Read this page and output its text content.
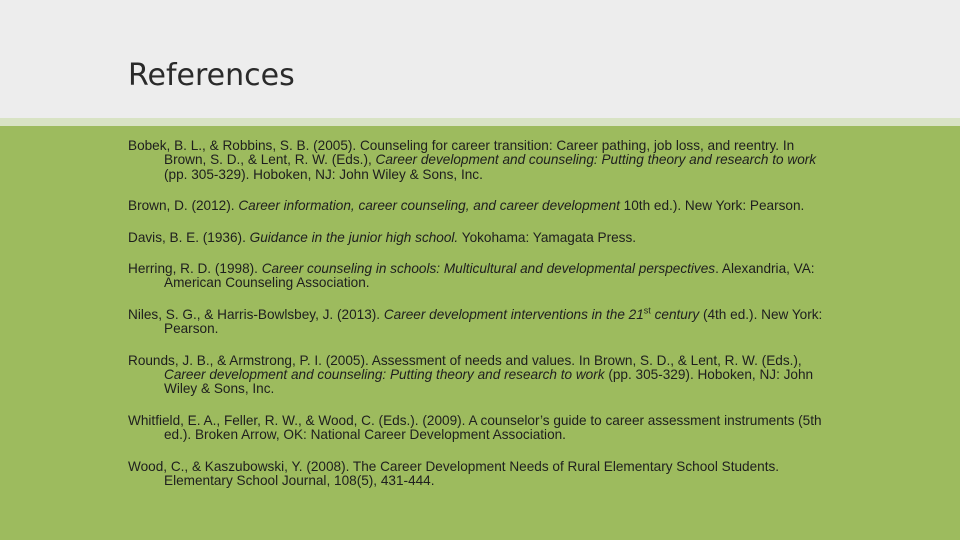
References
Bobek, B. L., & Robbins, S. B. (2005). Counseling for career transition: Career pathing, job loss, and reentry. In Brown, S. D., & Lent, R. W. (Eds.), Career development and counseling: Putting theory and research to work (pp. 305-329). Hoboken, NJ: John Wiley & Sons, Inc.
Brown, D. (2012). Career information, career counseling, and career development 10th ed.). New York: Pearson.
Davis, B. E. (1936). Guidance in the junior high school. Yokohama: Yamagata Press.
Herring, R. D. (1998). Career counseling in schools: Multicultural and developmental perspectives. Alexandria, VA: American Counseling Association.
Niles, S. G., & Harris-Bowlsbey, J. (2013). Career development interventions in the 21st century (4th ed.). New York: Pearson.
Rounds, J. B., & Armstrong, P. I. (2005). Assessment of needs and values. In Brown, S. D., & Lent, R. W. (Eds.), Career development and counseling: Putting theory and research to work (pp. 305-329). Hoboken, NJ: John Wiley & Sons, Inc.
Whitfield, E. A., Feller, R. W., & Wood, C. (Eds.). (2009). A counselor’s guide to career assessment instruments (5th ed.). Broken Arrow, OK: National Career Development Association.
Wood, C., & Kaszubowski, Y. (2008). The Career Development Needs of Rural Elementary School Students. Elementary School Journal, 108(5), 431-444.
